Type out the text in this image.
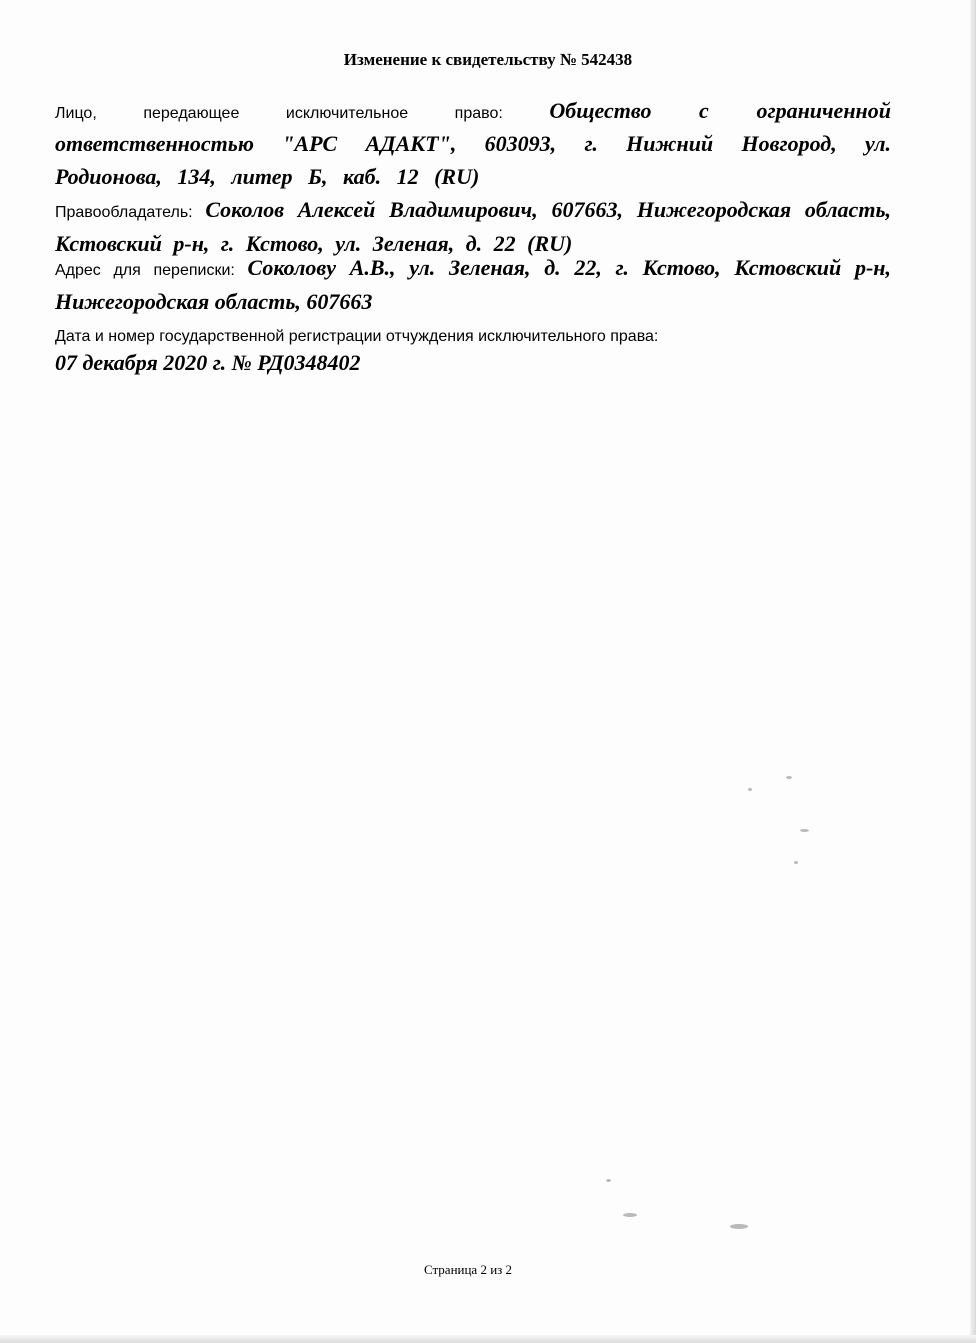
Изменение к свидетельству № 542438
Лицо, передающее исключительное право: Общество с ограниченной ответственностью "АРС АДАКТ", 603093, г. Нижний Новгород, ул. Родионова, 134, литер Б, каб. 12 (RU)
Правообладатель: Соколов Алексей Владимирович, 607663, Нижегородская область, Кстовский р-н, г. Кстово, ул. Зеленая, д. 22 (RU)
Адрес для переписки: Соколову А.В., ул. Зеленая, д. 22, г. Кстово, Кстовский р-н, Нижегородская область, 607663
Дата и номер государственной регистрации отчуждения исключительного права:
07 декабря 2020 г. № РД0348402
Страница 2 из 2
